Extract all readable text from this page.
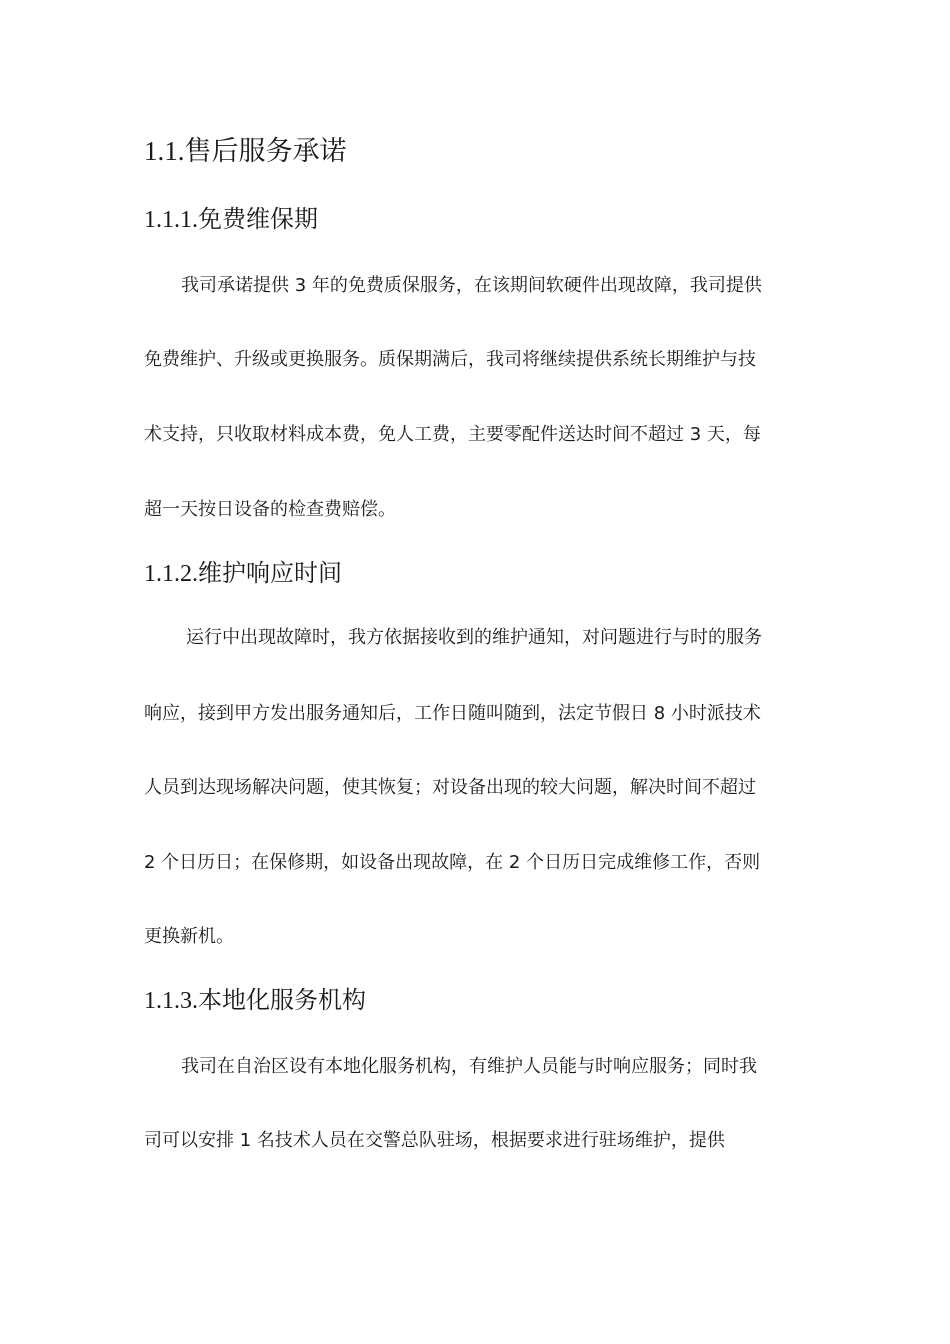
1.1.售后服务承诺
1.1.1.免费维保期
我司承诺提供 3 年的免费质保服务，在该期间软硬件出现故障，我司提供
免费维护、升级或更换服务。质保期满后，我司将继续提供系统长期维护与技
术支持，只收取材料成本费，免人工费，主要零配件送达时间不超过 3 天，每
超一天按日设备的检查费赔偿。
1.1.2.维护响应时间
运行中出现故障时，我方依据接收到的维护通知，对问题进行与时的服务
响应，接到甲方发出服务通知后，工作日随叫随到，法定节假日 8 小时派技术
人员到达现场解决问题，使其恢复；对设备出现的较大问题，解决时间不超过
2 个日历日；在保修期，如设备出现故障，在 2 个日历日完成维修工作，否则
更换新机。
1.1.3.本地化服务机构
我司在自治区设有本地化服务机构，有维护人员能与时响应服务；同时我
司可以安排 1 名技术人员在交警总队驻场，根据要求进行驻场维护，提供
